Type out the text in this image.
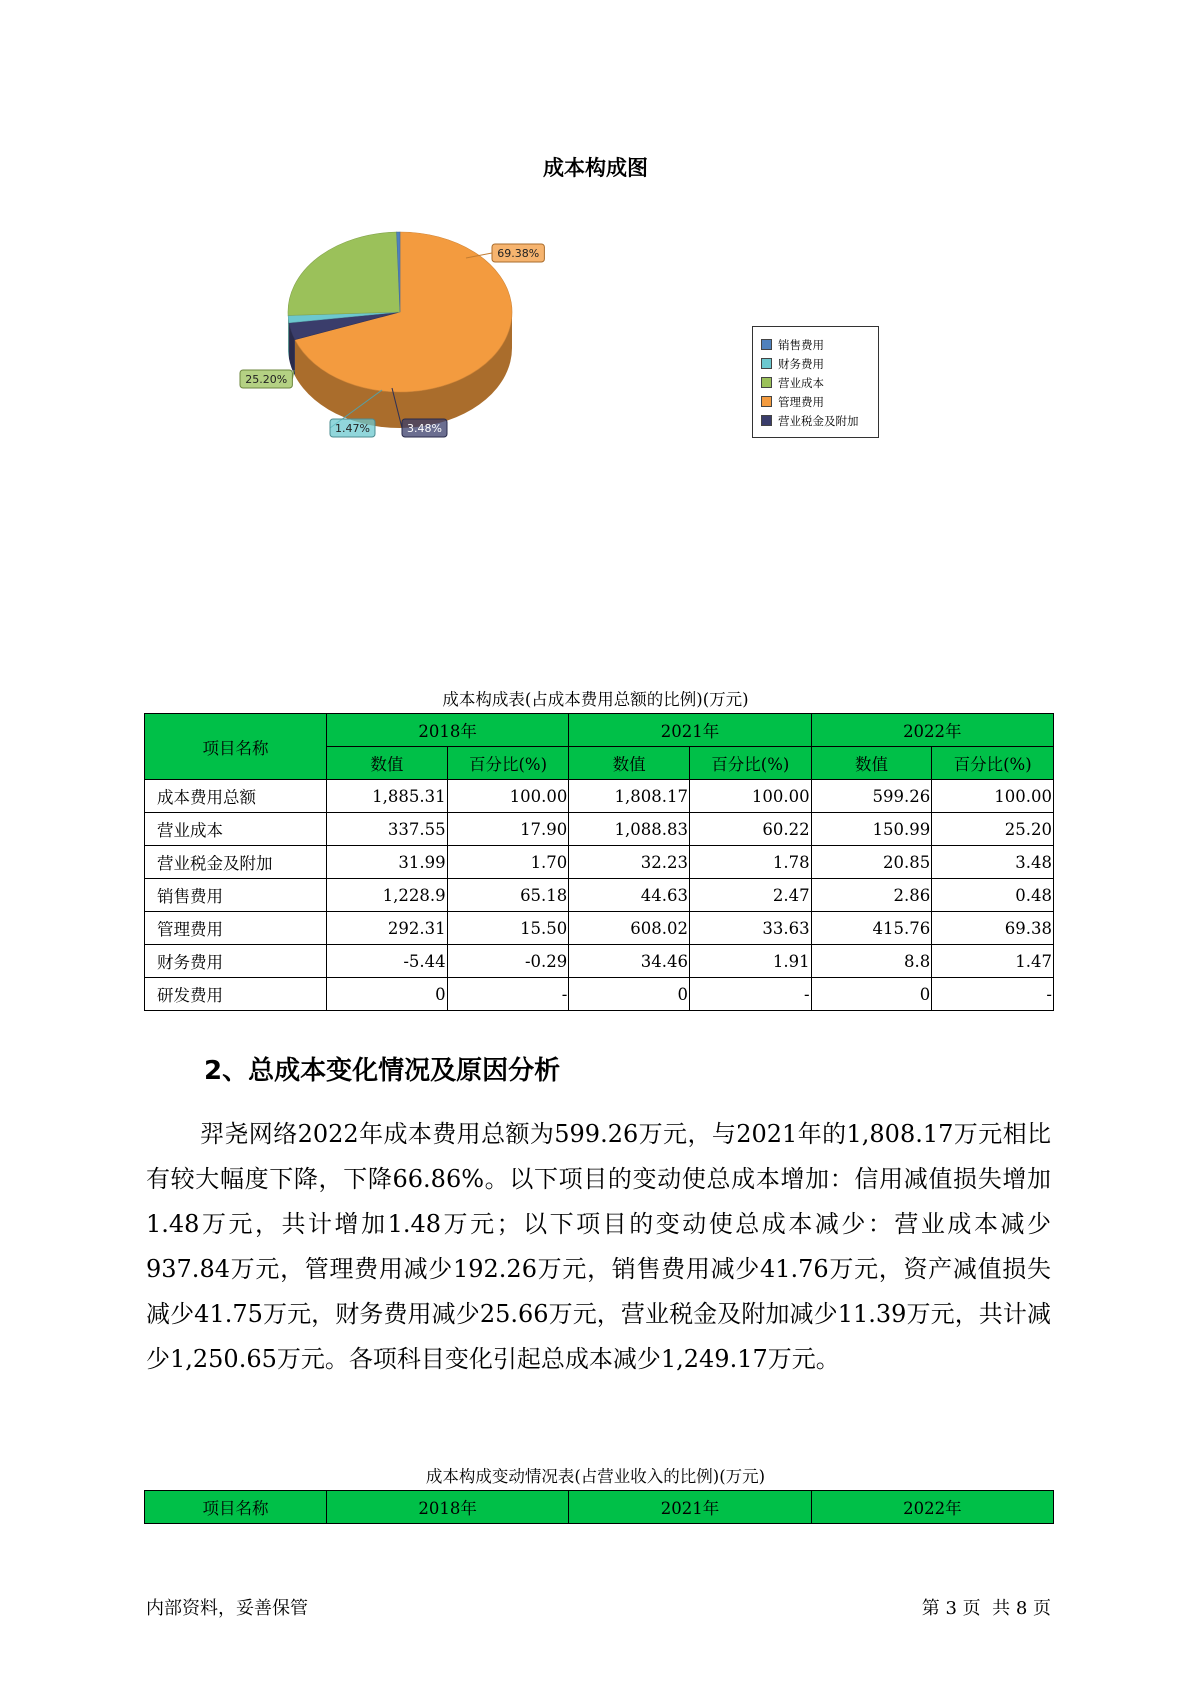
成本构成图
69.38%
3.48%
1.47%
25.20%
销售费用
财务费用
营业成本
管理费用
营业税金及附加
成本构成表(占成本费用总额的比例)(万元)
项目名称	2018年		2021年		2022年	
	数值	百分比(%)	数值	百分比(%)	数值	百分比(%)
成本费用总额	1,885.31	100.00	1,808.17	100.00	599.26	100.00
营业成本	337.55	17.90	1,088.83	60.22	150.99	25.20
营业税金及附加	31.99	1.70	32.23	1.78	20.85	3.48
销售费用	1,228.9	65.18	44.63	2.47	2.86	0.48
管理费用	292.31	15.50	608.02	33.63	415.76	69.38
财务费用	-5.44	-0.29	34.46	1.91	8.8	1.47
研发费用	0	-	0	-	0	-
2、总成本变化情况及原因分析

羿尧网络2022年成本费用总额为599.26万元，与2021年的1,808.17万元相比有较大幅度下降，下降66.86%。以下项目的变动使总成本增加：信用减值损失增加1.48万元，共计增加1.48万元；以下项目的变动使总成本减少：营业成本减少937.84万元，管理费用减少192.26万元，销售费用减少41.76万元，资产减值损失减少41.75万元，财务费用减少25.66万元，营业税金及附加减少11.39万元，共计减少1,250.65万元。各项科目变化引起总成本减少1,249.17万元。

成本构成变动情况表(占营业收入的比例)(万元)
项目名称	2018年	2021年	2022年
内部资料，妥善保管	第 3 页  共 8 页
